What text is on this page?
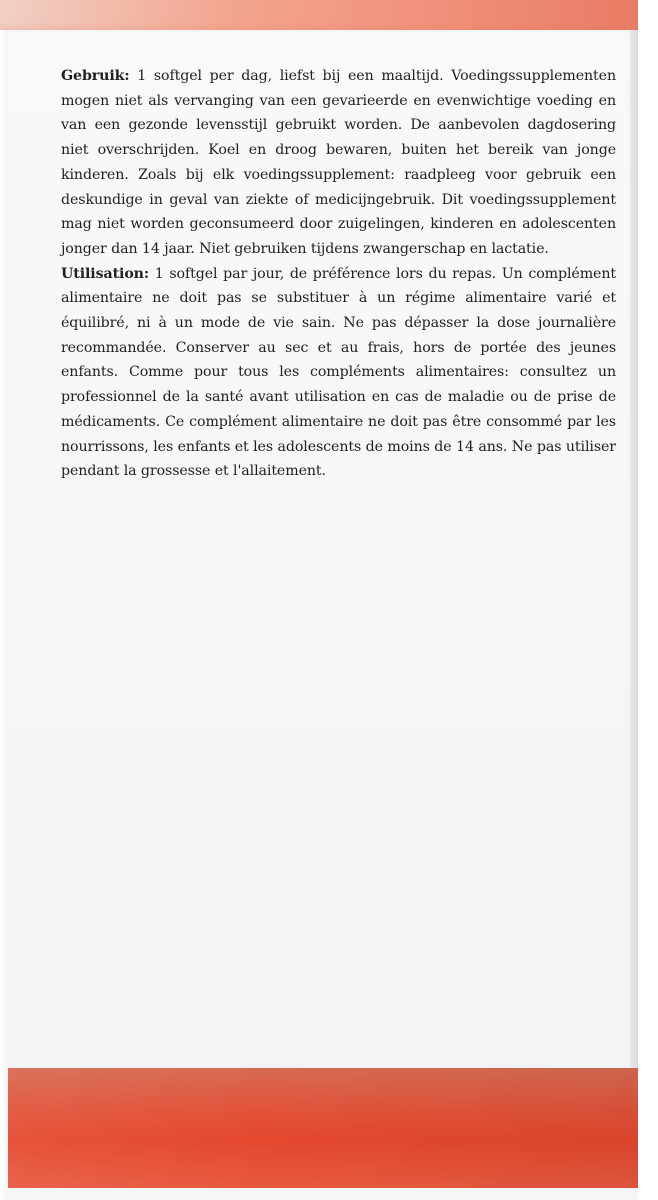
Gebruik: 1 softgel per dag, liefst bij een maaltijd. Voedingssupplementen mogen niet als vervanging van een gevarieerde en evenwichtige voeding en van een gezonde levensstijl gebruikt worden. De aanbevolen dagdosering niet overschrijden. Koel en droog bewaren, buiten het bereik van jonge kinderen. Zoals bij elk voedingssupplement: raadpleeg voor gebruik een deskundige in geval van ziekte of medicijngebruik. Dit voedingssupplement mag niet worden geconsumeerd door zuigelingen, kinderen en adolescenten jonger dan 14 jaar. Niet gebruiken tijdens zwangerschap en lactatie.

Utilisation: 1 softgel par jour, de préférence lors du repas. Un complément alimentaire ne doit pas se substituer à un régime alimentaire varié et équilibré, ni à un mode de vie sain. Ne pas dépasser la dose journalière recommandée. Conserver au sec et au frais, hors de portée des jeunes enfants. Comme pour tous les compléments alimentaires: consultez un professionnel de la santé avant utilisation en cas de maladie ou de prise de médicaments. Ce complément alimentaire ne doit pas être consommé par les nourrissons, les enfants et les adolescents de moins de 14 ans. Ne pas utiliser pendant la grossesse et l'allaitement.
